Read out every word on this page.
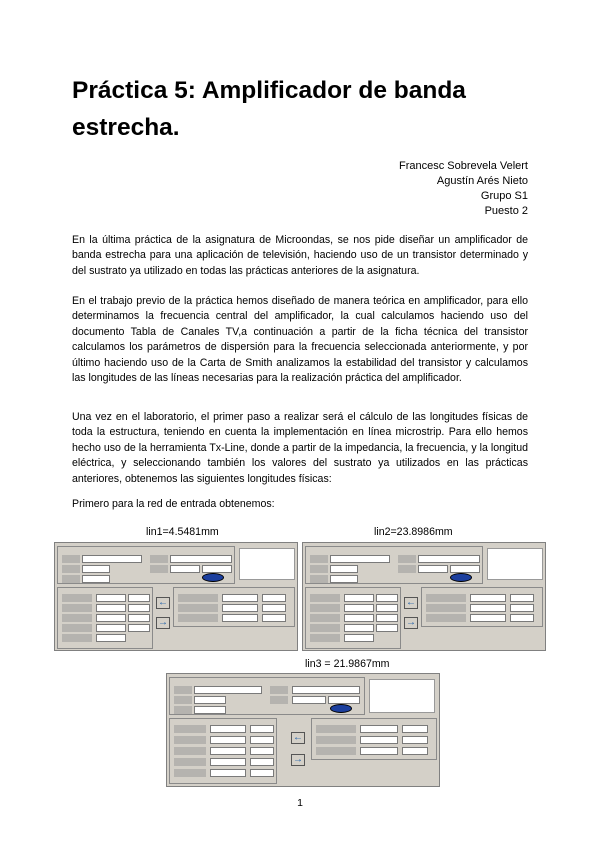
Práctica 5: Amplificador de banda estrecha.
Francesc Sobrevela Velert
Agustín Arés Nieto
Grupo S1
Puesto 2

En la última práctica de la asignatura de Microondas, se nos pide diseñar un amplificador de banda estrecha para una aplicación de televisión, haciendo uso de un transistor determinado y del sustrato ya utilizado en todas las prácticas anteriores de la asignatura.

En el trabajo previo de la práctica hemos diseñado de manera teórica en amplificador, para ello determinamos la frecuencia central del amplificador, la cual calculamos haciendo uso del documento Tabla de Canales TV,a continuación a partir de la ficha técnica del transistor calculamos los parámetros de dispersión para la frecuencia seleccionada anteriormente, y por último haciendo uso de la Carta de Smith analizamos la estabilidad del transistor y calculamos las longitudes de las líneas necesarias para la realización práctica del amplificador.

Una vez en el laboratorio, el primer paso a realizar será el cálculo de las longitudes físicas de toda la estructura, teniendo en cuenta la implementación en línea microstrip. Para ello hemos hecho uso de la herramienta Tx-Line, donde a partir de la impedancia, la frecuencia, y la longitud eléctrica, y seleccionando también los valores del sustrato ya utilizados en las prácticas anteriores, obtenemos las siguientes longitudes físicas:

Primero para la red de entrada obtenemos:

lin1=4.5481mm	lin2=23.8986mm
lin3 = 21.9867mm
←
→
←
→
←
→
1
